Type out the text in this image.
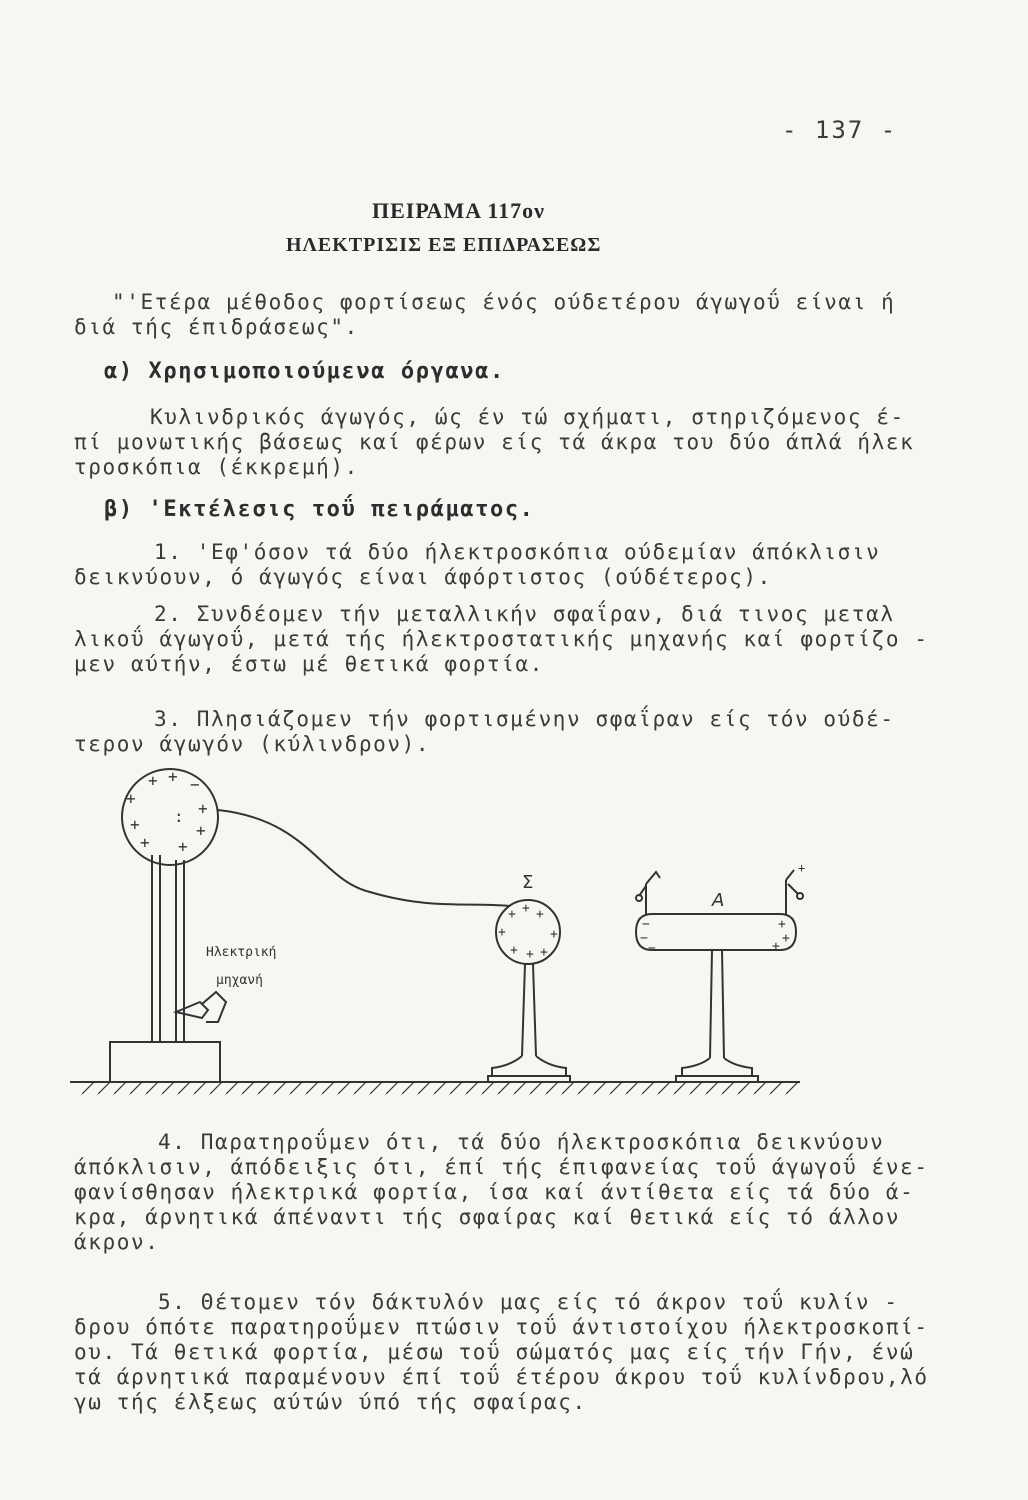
- 137 -
ΠΕΙΡΑΜΑ 117ον
ΗΛΕΚΤΡΙΣΙΣ ΕΞ ΕΠΙΔΡΑΣΕΩΣ
"'Ετέρα μέθοδος φορτίσεως ένός ούδετέρου άγωγοΰ είναι ή
διά τής έπιδράσεως".
α) Χρησιμοποιούμενα όργανα.
Κυλινδρικός άγωγός, ώς έν τώ σχήματι, στηριζόμενος έ-
πί μονωτικής βάσεως καί φέρων είς τά άκρα του δύο άπλά ήλεκ
τροσκόπια (έκκρεμή).
β) 'Εκτέλεσις τοΰ πειράματος.
1. 'Εφ'όσον τά δύο ήλεκτροσκόπια ούδεμίαν άπόκλισιν
δεικνύουν, ό άγωγός είναι άφόρτιστος (ούδέτερος).
2. Συνδέομεν τήν μεταλλικήν σφαΐραν, διά τινος μεταλ
λικοΰ άγωγοΰ, μετά τής ήλεκτροστατικής μηχανής καί φορτίζο -
μεν αύτήν, έστω μέ θετικά φορτία.
3. Πλησιάζομεν τήν φορτισμένην σφαΐραν είς τόν ούδέ-
τερον άγωγόν (κύλινδρον).
+ + −
+
+
+ :
+
+ +
+ + +
+	+
+ + +
−
−
−
+
+
+
+
Ηλεκτρική
μηχανή
Σ
Α
4. Παρατηροΰμεν ότι, τά δύο ήλεκτροσκόπια δεικνύουν
άπόκλισιν, άπόδειξις ότι, έπί τής έπιφανείας τοΰ άγωγοΰ ένε-
φανίσθησαν ήλεκτρικά φορτία, ίσα καί άντίθετα είς τά δύο ά-
κρα, άρνητικά άπέναντι τής σφαίρας καί θετικά είς τό άλλον
άκρον.
5. Θέτομεν τόν δάκτυλόν μας είς τό άκρον τοΰ κυλίν -
δρου όπότε παρατηροΰμεν πτώσιν τοΰ άντιστοίχου ήλεκτροσκοπί-
ου. Τά θετικά φορτία, μέσω τοΰ σώματός μας είς τήν Γήν, ένώ
τά άρνητικά παραμένουν έπί τοΰ έτέρου άκρου τοΰ κυλίνδρου,λό
γω τής έλξεως αύτών ύπό τής σφαίρας.
